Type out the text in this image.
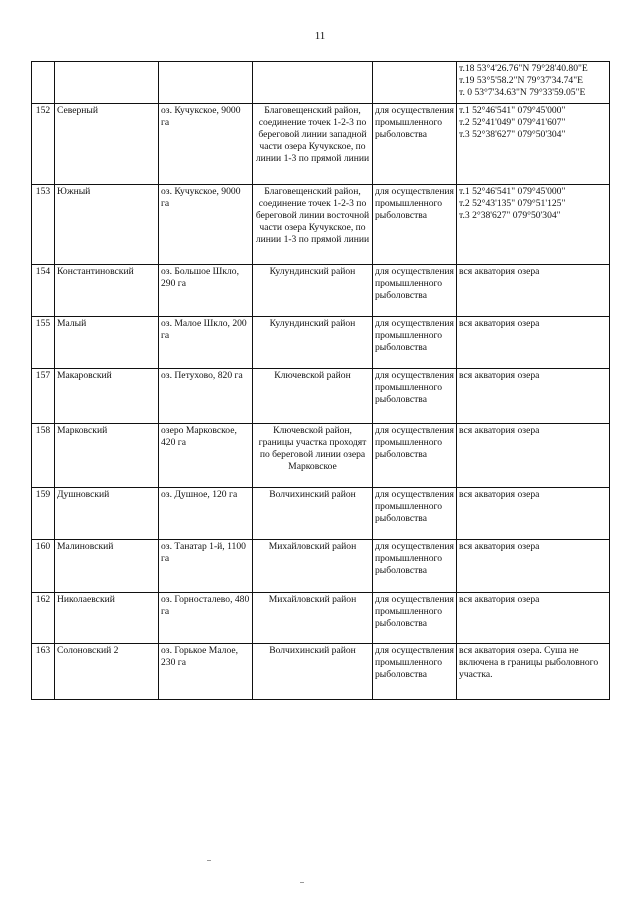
11

					т.18 53°4'26.76"N 79°28'40.80"E
т.19 53°5'58.2"N 79°37'34.74"E
т. 0 53°7'34.63"N 79°33'59.05"E

152	Северный	оз. Кучукское, 9000 га	Благовещенский район, соединение точек 1-2-3 по береговой линии западной части озера Кучукское, по линии 1-3 по прямой линии	для осуществления промышленного рыболовства	т.1 52°46'541" 079°45'000"
т.2 52°41'049" 079°41'607"
т.3 52°38'627" 079°50'304"

153	Южный	оз. Кучукское, 9000 га	Благовещенский район, соединение точек 1-2-3 по береговой линии восточной части озера Кучукское, по линии 1-3 по прямой линии	для осуществления промышленного рыболовства	т.1 52°46'541" 079°45'000"
т.2 52°43'135" 079°51'125"
т.3 2°38'627" 079°50'304"

154	Константиновский	оз. Большое Шкло, 290 га	Кулундинский район	для осуществления промышленного рыболовства	вся акватория озера
155	Малый	оз. Малое Шкло, 200 га	Кулундинский район	для осуществления промышленного рыболовства	вся акватория озера
157	Макаровский	оз. Петухово, 820 га	Ключевской район	для осуществления промышленного рыболовства	вся акватория озера
158	Марковский	озеро Марковское, 420 га	Ключевской район, границы участка проходят по береговой линии озера Марковское	для осуществления промышленного рыболовства	вся акватория озера
159	Душновский	оз. Душное, 120 га	Волчихинский район	для осуществления промышленного рыболовства	вся акватория озера
160	Малиновский	оз. Танатар 1-й, 1100 га	Михайловский район	для осуществления промышленного рыболовства	вся акватория озера
162	Николаевский	оз. Горносталево, 480 га	Михайловский район	для осуществления промышленного рыболовства	вся акватория озера
163	Солоновский 2	оз. Горькое Малое, 230 га	Волчихинский район	для осуществления промышленного рыболовства	вся акватория озера. Суша не включена в границы рыболовного участка.
